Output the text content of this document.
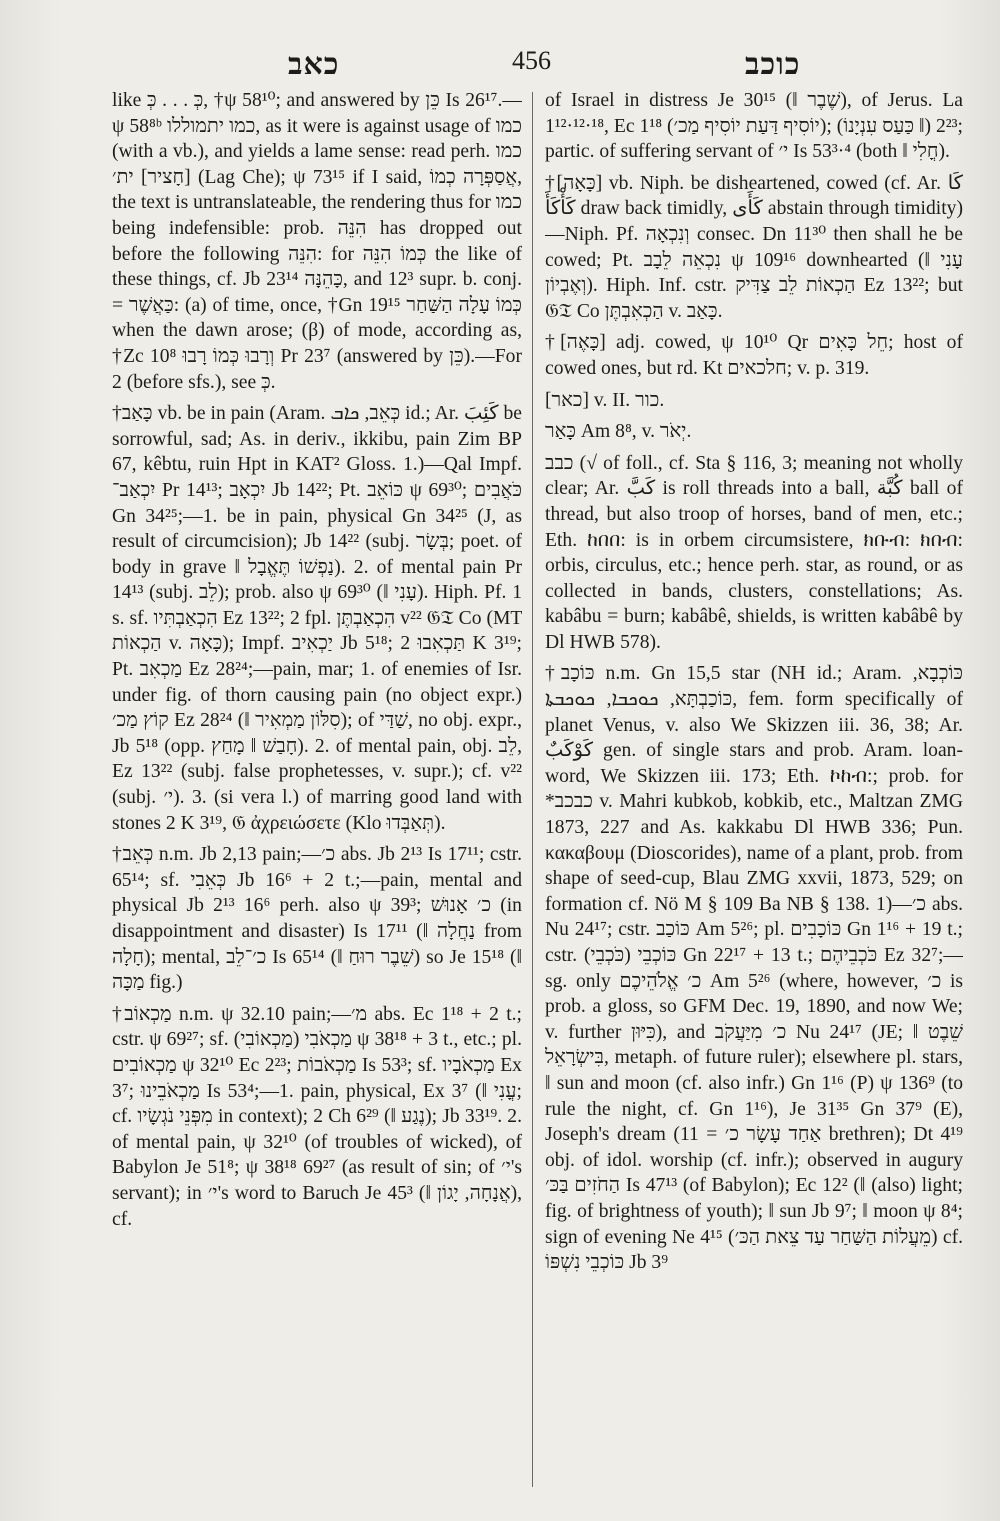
כאב	456	כוכב

like כְּ . . . כְּ, †ψ 58¹⁰; and answered by כֵּן Is 26¹⁷.—ψ 58⁸ᵇ כמו יתמוללו, as it were is against usage of כמו (with a vb.), and yields a lame sense: read perh. כמו [חָציר] ית׳ (Lag Che); ψ 73¹⁵ if I said, אֲסַפְּרָה כְמוֹ, the text is untranslateable, the rendering thus for כמו being indefensible: prob. הִנֵּה has dropped out before the following הִנֵּה: for כְּמוֹ הִנֵּה the like of these things, cf. Jb 23¹⁴ כָּהֵנָּה, and 12³ supr. b. conj. = כַּאֲשֶׁר: (a) of time, once, †Gn 19¹⁵ כְּמוֹ עָלָה הַשַּׁחַר when the dawn arose; (β) of mode, according as, †Zc 10⁸ וְרָבוּ כְּמוֹ רָבוּ Pr 23⁷ (answered by כֵּן).—For 2 (before sfs.), see כְּ.

†כָּאַב vb. be in pain (Aram. כְּאֵב, ܟܐܒ id.; Ar. كَئِبَ be sorrowful, sad; As. in deriv., ikkibu, pain Zim BP 67, kêbtu, ruin Hpt in KAT² Gloss. 1.)—Qal Impf. יִכְאַב־ Pr 14¹³; יִכְאָב Jb 14²²; Pt. כּוֹאֵב ψ 69³⁰; כֹּאֲבִים Gn 34²⁵;—1. be in pain, physical Gn 34²⁵ (J, as result of circumcision); Jb 14²² (subj. בְּשָׂר; poet. of body in grave ‖ נַפְשׁוֹ תֶּאֱבָל). 2. of mental pain Pr 14¹³ (subj. לֵב); prob. also ψ 69³⁰ (‖ עָנִי). Hiph. Pf. 1 s. sf. הִכְאַבְתִּיו Ez 13²²; 2 fpl. הִכְאַבְתֶּן v²² 𝔊𝔗 Co (MT הַכְאוֹת v. כָּאָה); Impf. יַכְאִיב Jb 5¹⁸; תַּכְאִבוּ 2 K 3¹⁹; Pt. מַכְאִב Ez 28²⁴;—pain, mar; 1. of enemies of Isr. under fig. of thorn causing pain (no object expr.) קוֹץ מַכ׳ Ez 28²⁴ (‖ סִלּוֹן מַמְאִיר); of שַׁדַּי, no obj. expr., Jb 5¹⁸ (opp. חָבַשׁ ‖ מָחַץ). 2. of mental pain, obj. לֵב, Ez 13²² (subj. false prophetesses, v. supr.); cf. v²² (subj. י׳). 3. (si vera l.) of marring good land with stones 2 K 3¹⁹, 𝔊 ἀχρειώσετε (Klo תְּאַבְּדוּ).

†כְּאֵב n.m. Jb 2,13 pain;—כ׳ abs. Jb 2¹³ Is 17¹¹; cstr. 65¹⁴; sf. כְּאֵבִי Jb 16⁶ + 2 t.;—pain, mental and physical Jb 2¹³ 16⁶ perh. also ψ 39³; כ׳ אָנוּשׁ (in disappointment and disaster) Is 17¹¹ (‖ נַחֲלָה from חָלָה); mental, כ׳־לֵב Is 65¹⁴ (‖ שֵׁבֶר רוּחַ) so Je 15¹⁸ (‖ מַכָּה fig.)

†מַכְאוֹב n.m. ψ 32.10 pain;—מ׳ abs. Ec 1¹⁸ + 2 t.; cstr. ψ 69²⁷; sf. מַכְאֹבִי (מַכְאוֹבִי) ψ 38¹⁸ + 3 t., etc.; pl. מַכְאוֹבִים ψ 32¹⁰ Ec 2²³; מַכְאֹבוֹת Is 53³; sf. מַכְאֹבָיו Ex 3⁷; מַכְאֹבֵינוּ Is 53⁴;—1. pain, physical, Ex 3⁷ (‖ עֳנִי; cf. מִפְּנֵי נֹגְשָׂיו in context); 2 Ch 6²⁹ (‖ נֶגַע); Jb 33¹⁹. 2. of mental pain, ψ 32¹⁰ (of troubles of wicked), of Babylon Je 51⁸; ψ 38¹⁸ 69²⁷ (as result of sin; of י׳'s servant); in י׳'s word to Baruch Je 45³ (‖ אֲנָחָה, יָגוֹן), cf.

of Israel in distress Je 30¹⁵ (‖ שֶׁבֶר), of Jerus. La 1¹²·¹²·¹⁸, Ec 1¹⁸ (יוֹסִיף דַּעַת יוֹסִיף מַכ׳); 2²³ (‖ כַּעַס עִנְיָנוֹ); partic. of suffering servant of י׳ Is 53³·⁴ (both ‖ חֳלִי).

†[כָּאָה] vb. Niph. be disheartened, cowed (cf. Ar. كَا كَأْكَأَ draw back timidly, كَأَى abstain through timidity)—Niph. Pf. וְנִכְאָה consec. Dn 11³⁰ then shall he be cowed; Pt. נִכְאֵה לֵבָב ψ 109¹⁶ downhearted (‖ עָנִי וְאֶבְיוֹן). Hiph. Inf. cstr. הַכְאוֹת לֵב צַדִּיק Ez 13²²; but 𝔊𝔗 Co הַכְאִבְתֶּן v. כָּאַב.

†[כָּאֶה] adj. cowed, ψ 10¹⁰ Qr חֵל כָּאִים; host of cowed ones, but rd. Kt חלכאים; v. p. 319.

[כאר] v. II. כור.

כָּאַר Am 8⁸, v. יְאֹר.

כבב (√ of foll., cf. Sta § 116, 3; meaning not wholly clear; Ar. كَبَّ is roll threads into a ball, كُبَّة ball of thread, but also troop of horses, band of men, etc.; Eth. ከበበ: is in orbem circumsistere, ክቡብ: ክበብ: orbis, circulus, etc.; hence perh. star, as round, or as collected in bands, clusters, constellations; As. kabâbu = burn; kabâbê, shields, is written kabâbê by Dl HWB 578).

†כּוֹכָב n.m. Gn 15,5 star (NH id.; Aram. כּוֹכְבָא, כּוֹכַבְתָּא, ܟܘܟܒܐ, ܟܘܟܒܬܐ, fem. form specifically of planet Venus, v. also We Skizzen iii. 36, 38; Ar. كَوْكَبٌ gen. of single stars and prob. Aram. loan-word, We Skizzen iii. 173; Eth. ኮከብ:; prob. for *כבכב v. Mahri kubkob, kobkib, etc., Maltzan ZMG 1873, 227 and As. kakkabu Dl HWB 336; Pun. κακαβουμ (Dioscorides), name of a plant, prob. from shape of seed-cup, Blau ZMG xxvii, 1873, 529; on formation cf. Nö M § 109 Ba NB § 138. 1)—כ׳ abs. Nu 24¹⁷; cstr. כּוֹכַב Am 5²⁶; pl. כּוֹכָבִים Gn 1¹⁶ + 19 t.; cstr. כּוֹכְבֵי (כֹּכְבֵי) Gn 22¹⁷ + 13 t.; כֹּכְבֵיהֶם Ez 32⁷;—sg. only כ׳ אֱלֹהֵיכֶם Am 5²⁶ (where, however, כ׳ is prob. a gloss, so GFM Dec. 19, 1890, and now We; v. further כִּיּוּן), and כ׳ מִיַּעֲקֹב Nu 24¹⁷ (JE; ‖ שֵׁבֶט בִּישְׂרָאֵל, metaph. of future ruler); elsewhere pl. stars, ‖ sun and moon (cf. also infr.) Gn 1¹⁶ (P) ψ 136⁹ (to rule the night, cf. Gn 1¹⁶), Je 31³⁵ Gn 37⁹ (E), Joseph's dream (אַחַד עָשָׂר כ׳ = 11 brethren); Dt 4¹⁹ obj. of idol. worship (cf. infr.); observed in augury הַחֹזִים בַּכּ׳ Is 47¹³ (of Babylon); Ec 12² (‖ (also) light; fig. of brightness of youth); ‖ sun Jb 9⁷; ‖ moon ψ 8⁴; sign of evening Ne 4¹⁵ (מֵעֲלוֹת הַשַּׁחַר עַד צֵאת הַכּ׳) cf. כּוֹכְבֵי נִשְׁפּוֹ Jb 3⁹
